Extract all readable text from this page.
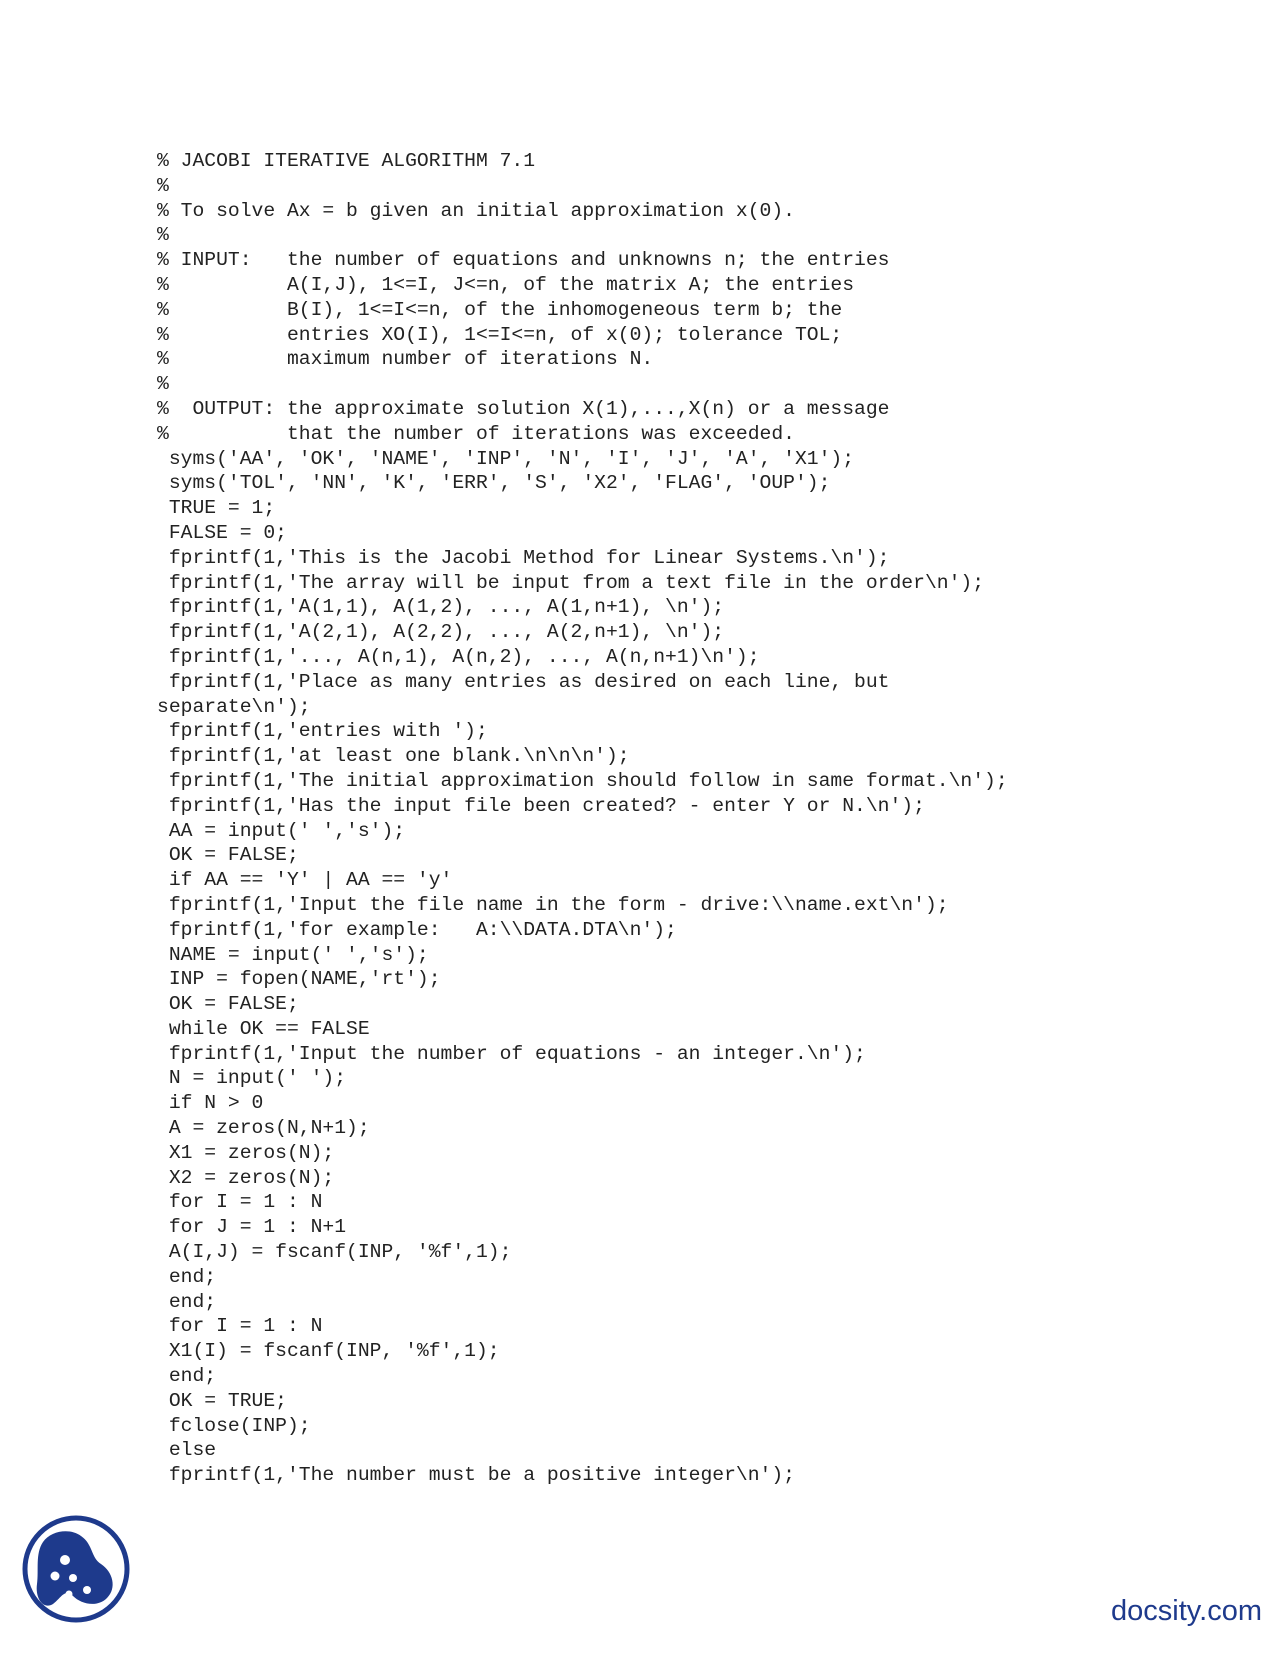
% JACOBI ITERATIVE ALGORITHM 7.1
%
% To solve Ax = b given an initial approximation x(0).
%
% INPUT:   the number of equations and unknowns n; the entries
%          A(I,J), 1<=I, J<=n, of the matrix A; the entries
%          B(I), 1<=I<=n, of the inhomogeneous term b; the
%          entries XO(I), 1<=I<=n, of x(0); tolerance TOL;
%          maximum number of iterations N.
%
%  OUTPUT: the approximate solution X(1),...,X(n) or a message
%          that the number of iterations was exceeded.
syms('AA', 'OK', 'NAME', 'INP', 'N', 'I', 'J', 'A', 'X1');
syms('TOL', 'NN', 'K', 'ERR', 'S', 'X2', 'FLAG', 'OUP');
TRUE = 1;
FALSE = 0;
fprintf(1,'This is the Jacobi Method for Linear Systems.\n');
fprintf(1,'The array will be input from a text file in the order\n');
fprintf(1,'A(1,1), A(1,2), ..., A(1,n+1), \n');
fprintf(1,'A(2,1), A(2,2), ..., A(2,n+1), \n');
fprintf(1,'..., A(n,1), A(n,2), ..., A(n,n+1)\n');
fprintf(1,'Place as many entries as desired on each line, but
separate\n');
fprintf(1,'entries with ');
fprintf(1,'at least one blank.\n\n\n');
fprintf(1,'The initial approximation should follow in same format.\n');
fprintf(1,'Has the input file been created? - enter Y or N.\n');
AA = input(' ','s');
OK = FALSE;
if AA == 'Y' | AA == 'y'
fprintf(1,'Input the file name in the form - drive:\\name.ext\n');
fprintf(1,'for example:   A:\\DATA.DTA\n');
NAME = input(' ','s');
INP = fopen(NAME,'rt');
OK = FALSE;
while OK == FALSE
fprintf(1,'Input the number of equations - an integer.\n');
N = input(' ');
if N > 0
A = zeros(N,N+1);
X1 = zeros(N);
X2 = zeros(N);
for I = 1 : N
for J = 1 : N+1
A(I,J) = fscanf(INP, '%f',1);
end;
end;
for I = 1 : N
X1(I) = fscanf(INP, '%f',1);
end;
OK = TRUE;
fclose(INP);
else
fprintf(1,'The number must be a positive integer\n');
docsity.com
